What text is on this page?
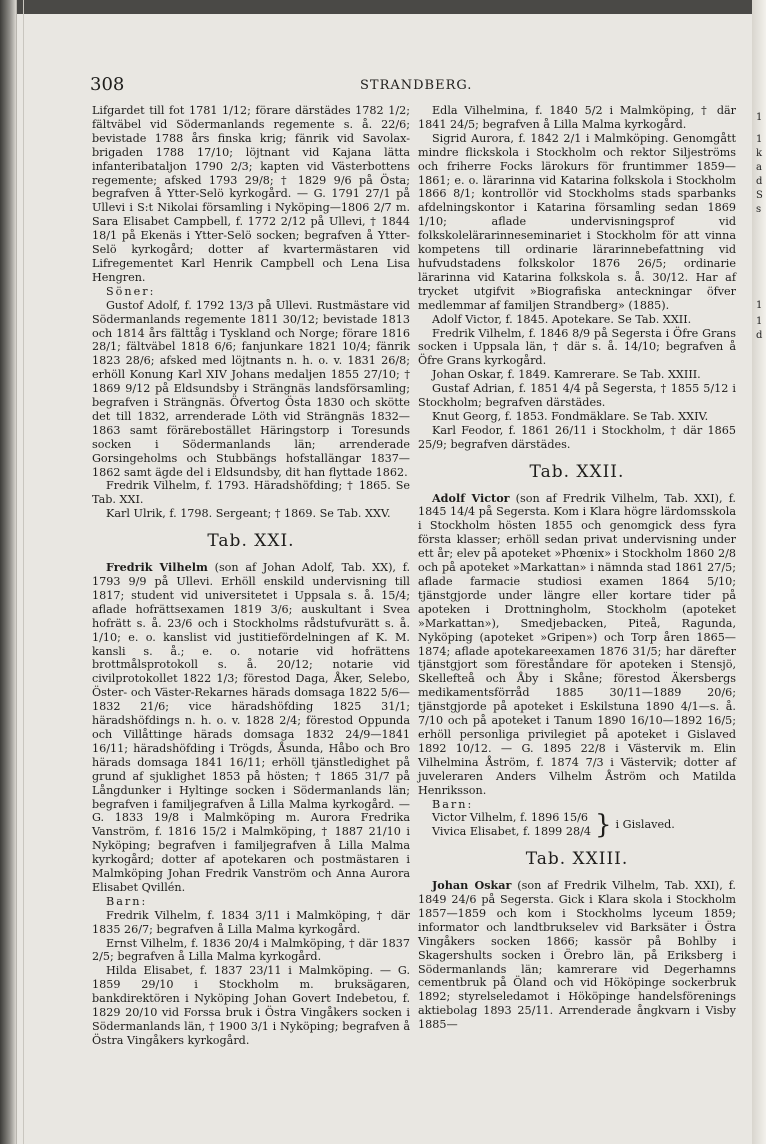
1
1
k
a
d
S
s
1
1
d
308	STRANDBERG.

Lifgardet till fot 1781 1/12; förare därstädes 1782 1/2; fältväbel vid Södermanlands regemente s. å. 22/6; bevistade 1788 års finska krig; fänrik vid Savolax-brigaden 1788 17/10; löjtnant vid Kajana lätta infanteribataljon 1790 2/3; kapten vid Västerbottens regemente; afsked 1793 29/8; † 1829 9/6 på Östa; begrafven å Ytter-Selö kyrkogård. — G. 1791 27/1 på Ullevi i S:t Nikolai församling i Nyköping—1806 2/7 m. Sara Elisabet Campbell, f. 1772 2/12 på Ullevi, † 1844 18/1 på Ekenäs i Ytter-Selö socken; begrafven å Ytter-Selö kyrkogård; dotter af kvartermästaren vid Lifregementet Karl Henrik Campbell och Lena Lisa Hengren.

Söner:

Gustof Adolf, f. 1792 13/3 på Ullevi. Rustmästare vid Södermanlands regemente 1811 30/12; bevistade 1813 och 1814 års fälttåg i Tyskland och Norge; förare 1816 28/1; fältväbel 1818 6/6; fanjunkare 1821 10/4; fänrik 1823 28/6; afsked med löjtnants n. h. o. v. 1831 26/8; erhöll Konung Karl XIV Johans medaljen 1855 27/10; † 1869 9/12 på Eldsundsby i Strängnäs landsförsamling; begrafven i Strängnäs. Öfvertog Östa 1830 och skötte det till 1832, arrenderade Löth vid Strängnäs 1832—1863 samt förärebostället Häringstorp i Toresunds socken i Södermanlands län; arrenderade Gorsingeholms och Stubbängs hofstallängar 1837—1862 samt ägde del i Eldsundsby, dit han flyttade 1862.

Fredrik Vilhelm, f. 1793. Häradshöfding; † 1865. Se Tab. XXI.

Karl Ulrik, f. 1798. Sergeant; † 1869. Se Tab. XXV.

Tab. XXI.

Fredrik Vilhelm (son af Johan Adolf, Tab. XX), f. 1793 9/9 på Ullevi. Erhöll enskild undervisning till 1817; student vid universitetet i Uppsala s. å. 15/4; aflade hofrättsexamen 1819 3/6; auskultant i Svea hofrätt s. å. 23/6 och i Stockholms rådstufvurätt s. å. 1/10; e. o. kanslist vid justitiefördelningen af K. M. kansli s. å.; e. o. notarie vid hofrättens brottmålsprotokoll s. å. 20/12; notarie vid civilprotokollet 1822 1/3; förestod Daga, Åker, Selebo, Öster- och Väster-Rekarnes härads domsaga 1822 5/6—1832 21/6; vice häradshöfding 1825 31/1; häradshöfdings n. h. o. v. 1828 2/4; förestod Oppunda och Villåttinge härads domsaga 1832 24/9—1841 16/11; häradshöfding i Trögds, Åsunda, Håbo och Bro härads domsaga 1841 16/11; erhöll tjänstledighet på grund af sjuklighet 1853 på hösten; † 1865 31/7 på Långdunker i Hyltinge socken i Södermanlands län; begrafven i familjegrafven å Lilla Malma kyrkogård. — G. 1833 19/8 i Malmköping m. Aurora Fredrika Vanström, f. 1816 15/2 i Malmköping, † 1887 21/10 i Nyköping; begrafven i familjegrafven å Lilla Malma kyrkogård; dotter af apotekaren och postmästaren i Malmköping Johan Fredrik Vanström och Anna Aurora Elisabet Qvillén.

Barn:

Fredrik Vilhelm, f. 1834 3/11 i Malmköping, † där 1835 26/7; begrafven å Lilla Malma kyrkogård.

Ernst Vilhelm, f. 1836 20/4 i Malmköping, † där 1837 2/5; begrafven å Lilla Malma kyrkogård.

Hilda Elisabet, f. 1837 23/11 i Malmköping. — G. 1859 29/10 i Stockholm m. bruksägaren, bankdirektören i Nyköping Johan Govert Indebetou, f. 1829 20/10 vid Forssa bruk i Östra Vingåkers socken i Södermanlands län, † 1900 3/1 i Nyköping; begrafven å Östra Vingåkers kyrkogård.

Edla Vilhelmina, f. 1840 5/2 i Malmköping, † där 1841 24/5; begrafven å Lilla Malma kyrkogård.

Sigrid Aurora, f. 1842 2/1 i Malmköping. Genomgått mindre flickskola i Stockholm och rektor Siljeströms och friherre Focks lärokurs för fruntimmer 1859—1861; e. o. lärarinna vid Katarina folkskola i Stockholm 1866 8/1; kontrollör vid Stockholms stads sparbanks afdelningskontor i Katarina församling sedan 1869 1/10; aflade undervisningsprof vid folkskolelärarinneseminariet i Stockholm för att vinna kompetens till ordinarie lärarinnebefattning vid hufvudstadens folkskolor 1876 26/5; ordinarie lärarinna vid Katarina folkskola s. å. 30/12. Har af trycket utgifvit »Biografiska anteckningar öfver medlemmar af familjen Strandberg» (1885).

Adolf Victor, f. 1845. Apotekare. Se Tab. XXII.

Fredrik Vilhelm, f. 1846 8/9 på Segersta i Öfre Grans socken i Uppsala län, † där s. å. 14/10; begrafven å Öfre Grans kyrkogård.

Johan Oskar, f. 1849. Kamrerare. Se Tab. XXIII.

Gustaf Adrian, f. 1851 4/4 på Segersta, † 1855 5/12 i Stockholm; begrafven därstädes.

Knut Georg, f. 1853. Fondmäklare. Se Tab. XXIV.

Karl Feodor, f. 1861 26/11 i Stockholm, † där 1865 25/9; begrafven därstädes.

Tab. XXII.

Adolf Victor (son af Fredrik Vilhelm, Tab. XXI), f. 1845 14/4 på Segersta. Kom i Klara högre lärdomsskola i Stockholm hösten 1855 och genomgick dess fyra första klasser; erhöll sedan privat undervisning under ett år; elev på apoteket »Phœnix» i Stockholm 1860 2/8 och på apoteket »Markattan» i nämnda stad 1861 27/5; aflade farmacie studiosi examen 1864 5/10; tjänstgjorde under längre eller kortare tider på apoteken i Drottningholm, Stockholm (apoteket »Markattan»), Smedjebacken, Piteå, Ragunda, Nyköping (apoteket »Gripen») och Torp åren 1865—1874; aflade apotekareexamen 1876 31/5; har därefter tjänstgjort som föreståndare för apoteken i Stensjö, Skellefteå och Åby i Skåne; förestod Äkersbergs medikamentsförråd 1885 30/11—1889 20/6; tjänstgjorde på apoteket i Eskilstuna 1890 4/1—s. å. 7/10 och på apoteket i Tanum 1890 16/10—1892 16/5; erhöll personliga privilegiet på apoteket i Gislaved 1892 10/12. — G. 1895 22/8 i Västervik m. Elin Vilhelmina Åström, f. 1874 7/3 i Västervik; dotter af juveleraren Anders Vilhelm Åström och Matilda Henriksson.

Barn:

Victor Vilhelm, f. 1896 15/6

Vivica Elisabet, f. 1899 28/4 } i Gislaved.
Tab. XXIII.

Johan Oskar (son af Fredrik Vilhelm, Tab. XXI), f. 1849 24/6 på Segersta. Gick i Klara skola i Stockholm 1857—1859 och kom i Stockholms lyceum 1859; informator och landtbrukselev vid Barksäter i Östra Vingåkers socken 1866; kassör på Bohlby i Skagershults socken i Örebro län, på Eriksberg i Södermanlands län; kamrerare vid Degerhamns cementbruk på Öland och vid Hököpinge sockerbruk 1892; styrelseledamot i Hököpinge handelsförenings aktiebolag 1893 25/11. Arrenderade ångkvarn i Visby 1885—
